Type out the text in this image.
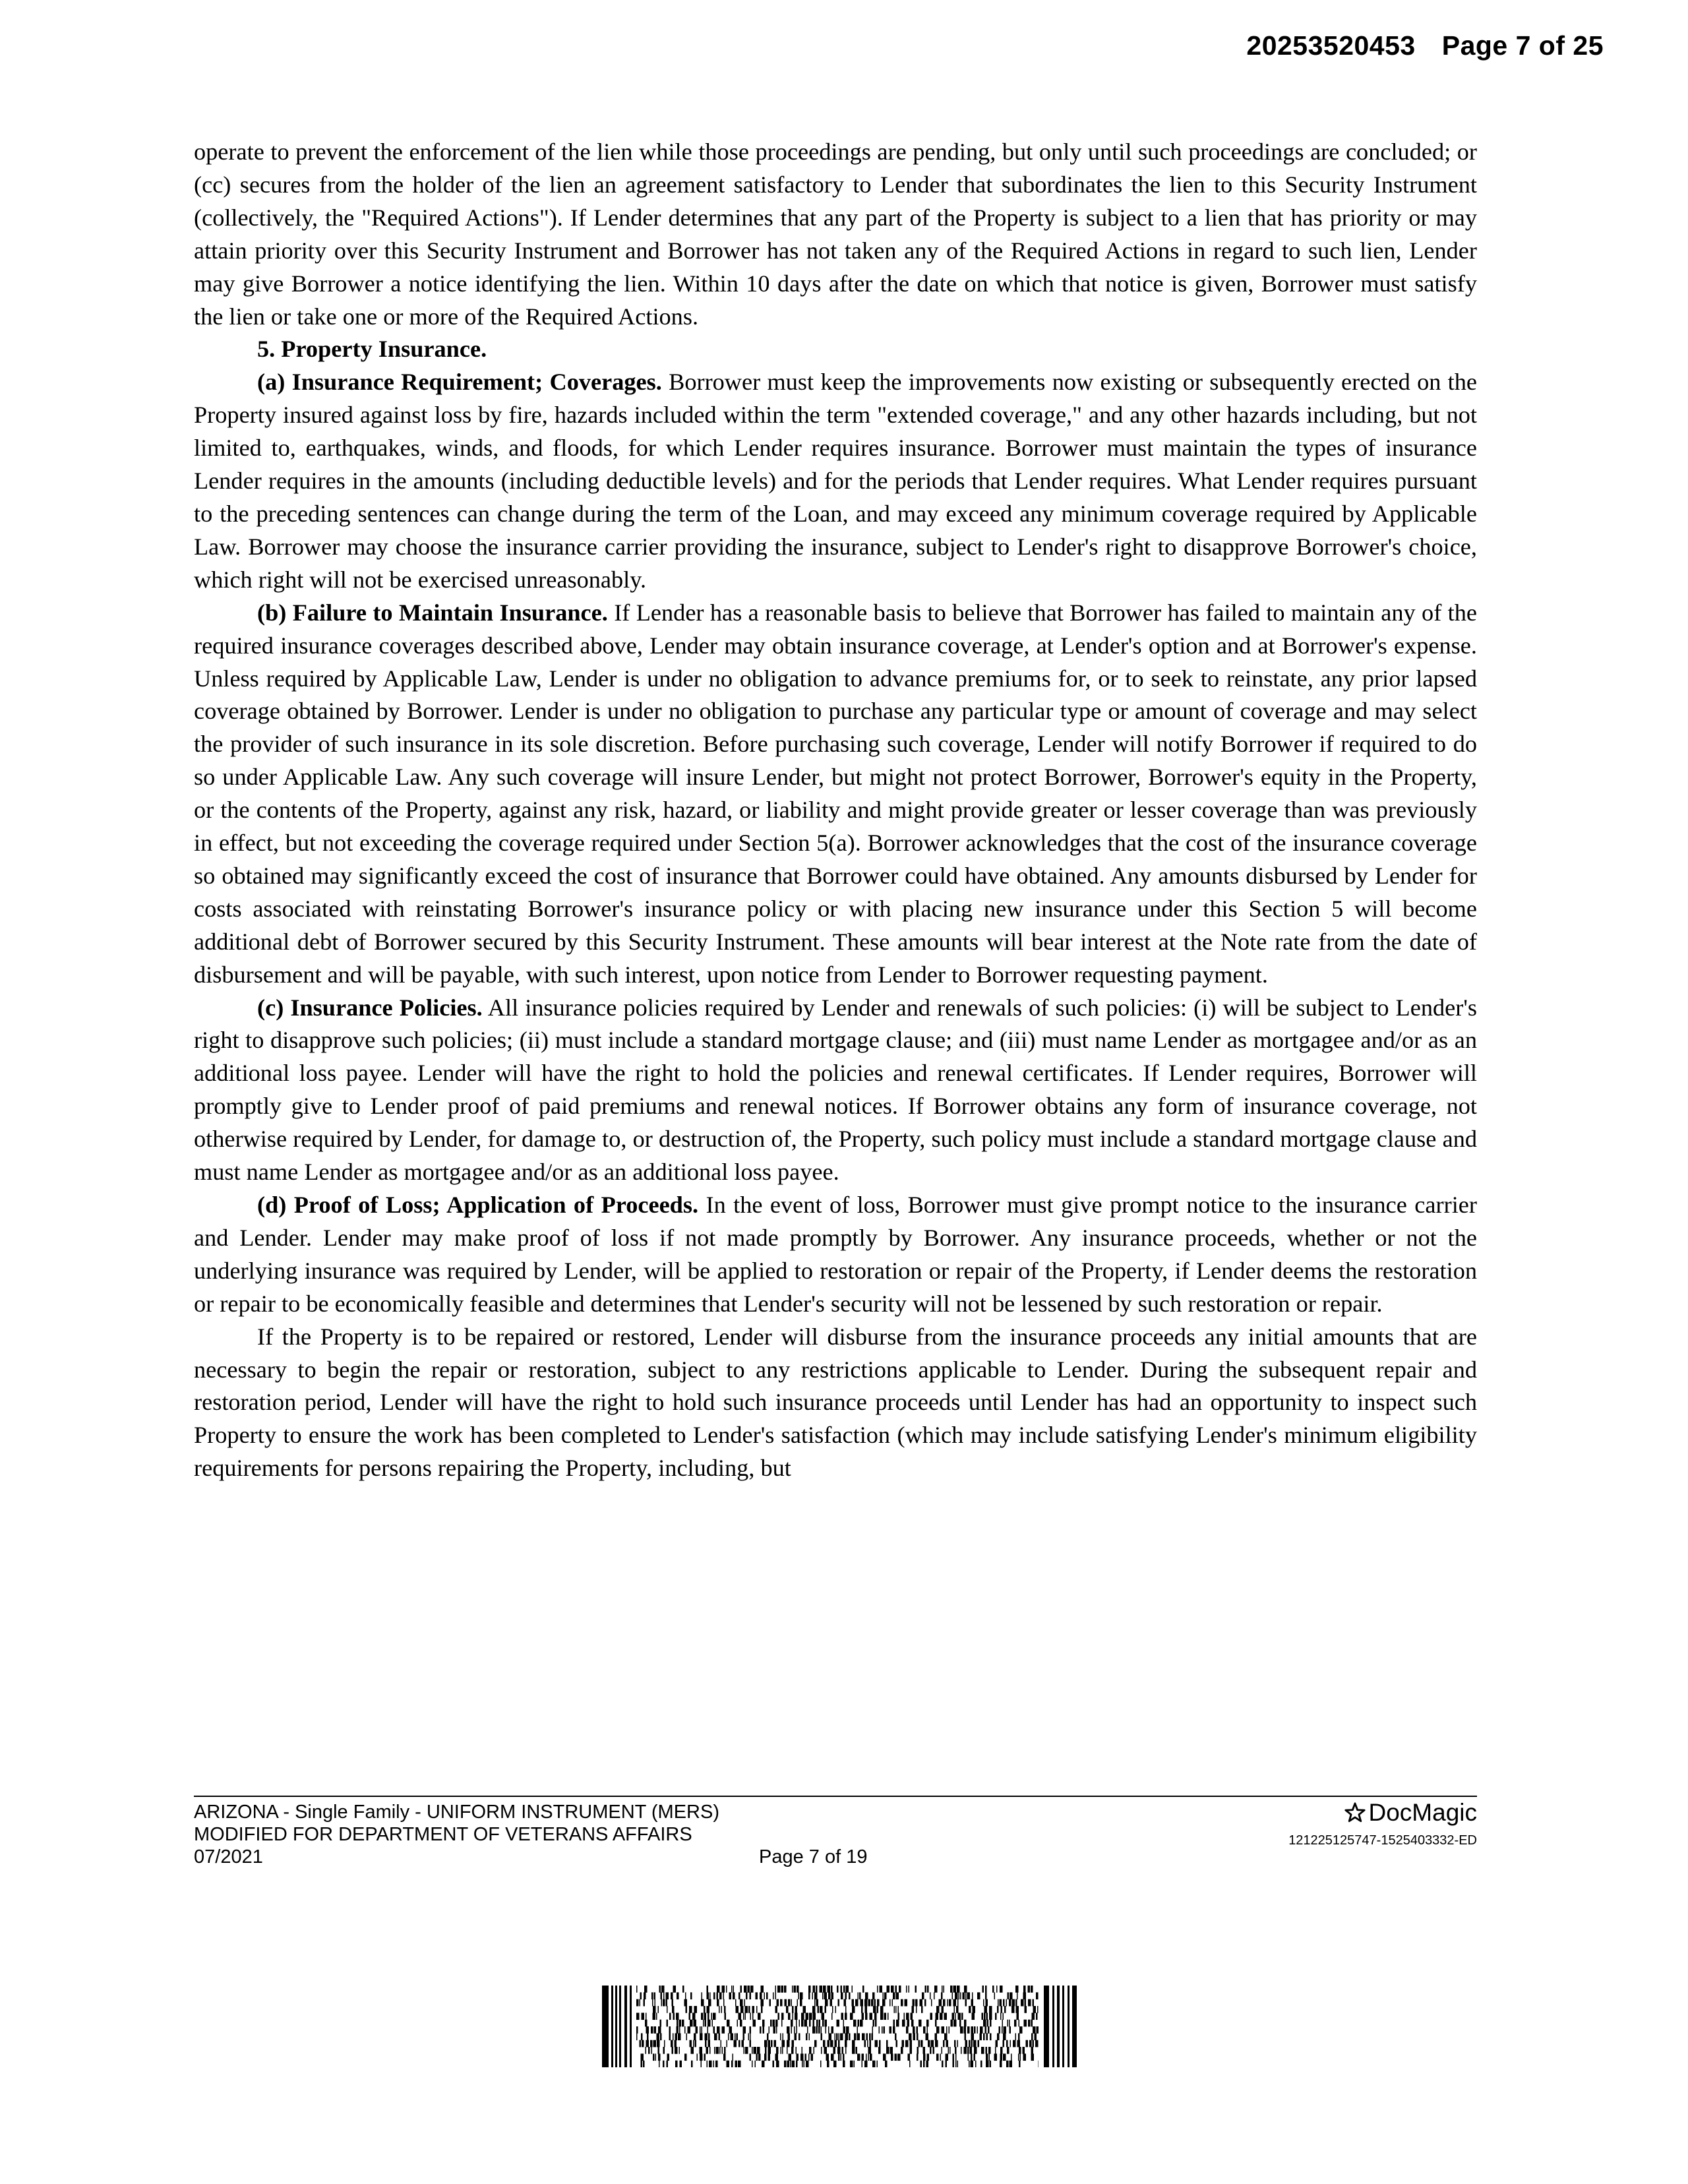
20253520453 Page 7 of 25

operate to prevent the enforcement of the lien while those proceedings are pending, but only until such proceedings are concluded; or (cc) secures from the holder of the lien an agreement satisfactory to Lender that subordinates the lien to this Security Instrument (collectively, the "Required Actions"). If Lender determines that any part of the Property is subject to a lien that has priority or may attain priority over this Security Instrument and Borrower has not taken any of the Required Actions in regard to such lien, Lender may give Borrower a notice identifying the lien. Within 10 days after the date on which that notice is given, Borrower must satisfy the lien or take one or more of the Required Actions.

5. Property Insurance.

(a) Insurance Requirement; Coverages. Borrower must keep the improvements now existing or subsequently erected on the Property insured against loss by fire, hazards included within the term "extended coverage," and any other hazards including, but not limited to, earthquakes, winds, and floods, for which Lender requires insurance. Borrower must maintain the types of insurance Lender requires in the amounts (including deductible levels) and for the periods that Lender requires. What Lender requires pursuant to the preceding sentences can change during the term of the Loan, and may exceed any minimum coverage required by Applicable Law. Borrower may choose the insurance carrier providing the insurance, subject to Lender's right to disapprove Borrower's choice, which right will not be exercised unreasonably.

(b) Failure to Maintain Insurance. If Lender has a reasonable basis to believe that Borrower has failed to maintain any of the required insurance coverages described above, Lender may obtain insurance coverage, at Lender's option and at Borrower's expense. Unless required by Applicable Law, Lender is under no obligation to advance premiums for, or to seek to reinstate, any prior lapsed coverage obtained by Borrower. Lender is under no obligation to purchase any particular type or amount of coverage and may select the provider of such insurance in its sole discretion. Before purchasing such coverage, Lender will notify Borrower if required to do so under Applicable Law. Any such coverage will insure Lender, but might not protect Borrower, Borrower's equity in the Property, or the contents of the Property, against any risk, hazard, or liability and might provide greater or lesser coverage than was previously in effect, but not exceeding the coverage required under Section 5(a). Borrower acknowledges that the cost of the insurance coverage so obtained may significantly exceed the cost of insurance that Borrower could have obtained. Any amounts disbursed by Lender for costs associated with reinstating Borrower's insurance policy or with placing new insurance under this Section 5 will become additional debt of Borrower secured by this Security Instrument. These amounts will bear interest at the Note rate from the date of disbursement and will be payable, with such interest, upon notice from Lender to Borrower requesting payment.

(c) Insurance Policies. All insurance policies required by Lender and renewals of such policies: (i) will be subject to Lender's right to disapprove such policies; (ii) must include a standard mortgage clause; and (iii) must name Lender as mortgagee and/or as an additional loss payee. Lender will have the right to hold the policies and renewal certificates. If Lender requires, Borrower will promptly give to Lender proof of paid premiums and renewal notices. If Borrower obtains any form of insurance coverage, not otherwise required by Lender, for damage to, or destruction of, the Property, such policy must include a standard mortgage clause and must name Lender as mortgagee and/or as an additional loss payee.

(d) Proof of Loss; Application of Proceeds. In the event of loss, Borrower must give prompt notice to the insurance carrier and Lender. Lender may make proof of loss if not made promptly by Borrower. Any insurance proceeds, whether or not the underlying insurance was required by Lender, will be applied to restoration or repair of the Property, if Lender deems the restoration or repair to be economically feasible and determines that Lender's security will not be lessened by such restoration or repair.

If the Property is to be repaired or restored, Lender will disburse from the insurance proceeds any initial amounts that are necessary to begin the repair or restoration, subject to any restrictions applicable to Lender. During the subsequent repair and restoration period, Lender will have the right to hold such insurance proceeds until Lender has had an opportunity to inspect such Property to ensure the work has been completed to Lender's satisfaction (which may include satisfying Lender's minimum eligibility requirements for persons repairing the Property, including, but

ARIZONA - Single Family - UNIFORM INSTRUMENT (MERS)
MODIFIED FOR DEPARTMENT OF VETERANS AFFAIRS
07/2021	Page 7 of 19
DocMagic
121225125747-1525403332-ED
